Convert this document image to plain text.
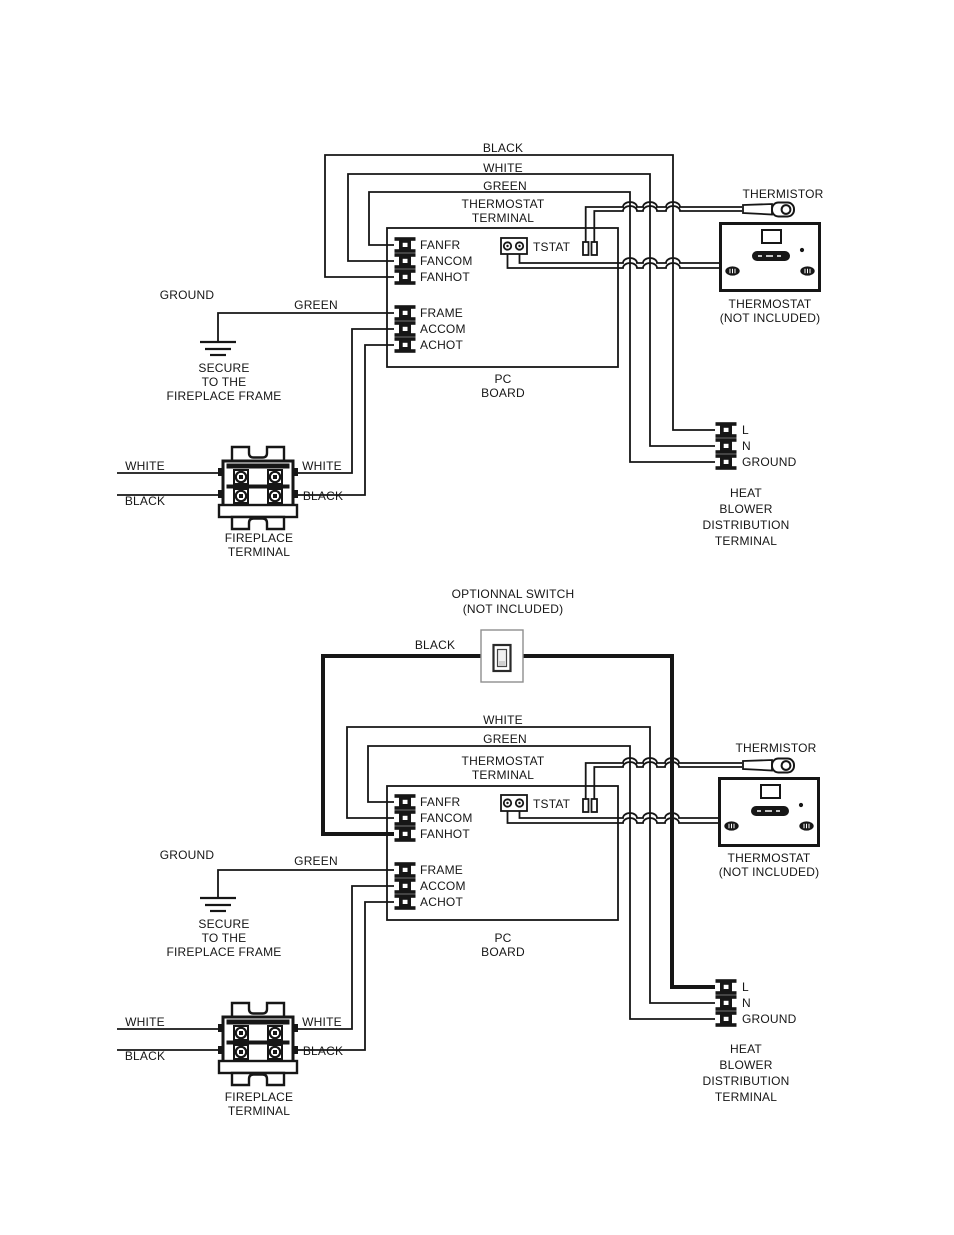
FANFR
FANCOM
FANHOT
FRAME
ACCOM
ACHOT
TSTAT
BLACK
WHITE
GREEN
THERMOSTAT
TERMINAL
PC
BOARD
GROUND
GREEN
SECURE
TO THE
FIREPLACE FRAME
WHITE
BLACK
WHITE
BLACK
FIREPLACE
TERMINAL
THERMISTOR
THERMOSTAT
(NOT INCLUDED)
L
N
GROUND
HEAT
BLOWER
DISTRIBUTION
TERMINAL
OPTIONNAL SWITCH
(NOT INCLUDED)
BLACK
FANFR
FANCOM
FANHOT
FRAME
ACCOM
ACHOT
TSTAT
WHITE
GREEN
THERMOSTAT
TERMINAL
PC
BOARD
GROUND	GREEN
SECURE
TO THE
FIREPLACE FRAME
WHITE
BLACK
WHITE
BLACK
FIREPLACE
TERMINAL
THERMISTOR
THERMOSTAT
(NOT INCLUDED)
L
N
GROUND
HEAT
BLOWER
DISTRIBUTION
TERMINAL
